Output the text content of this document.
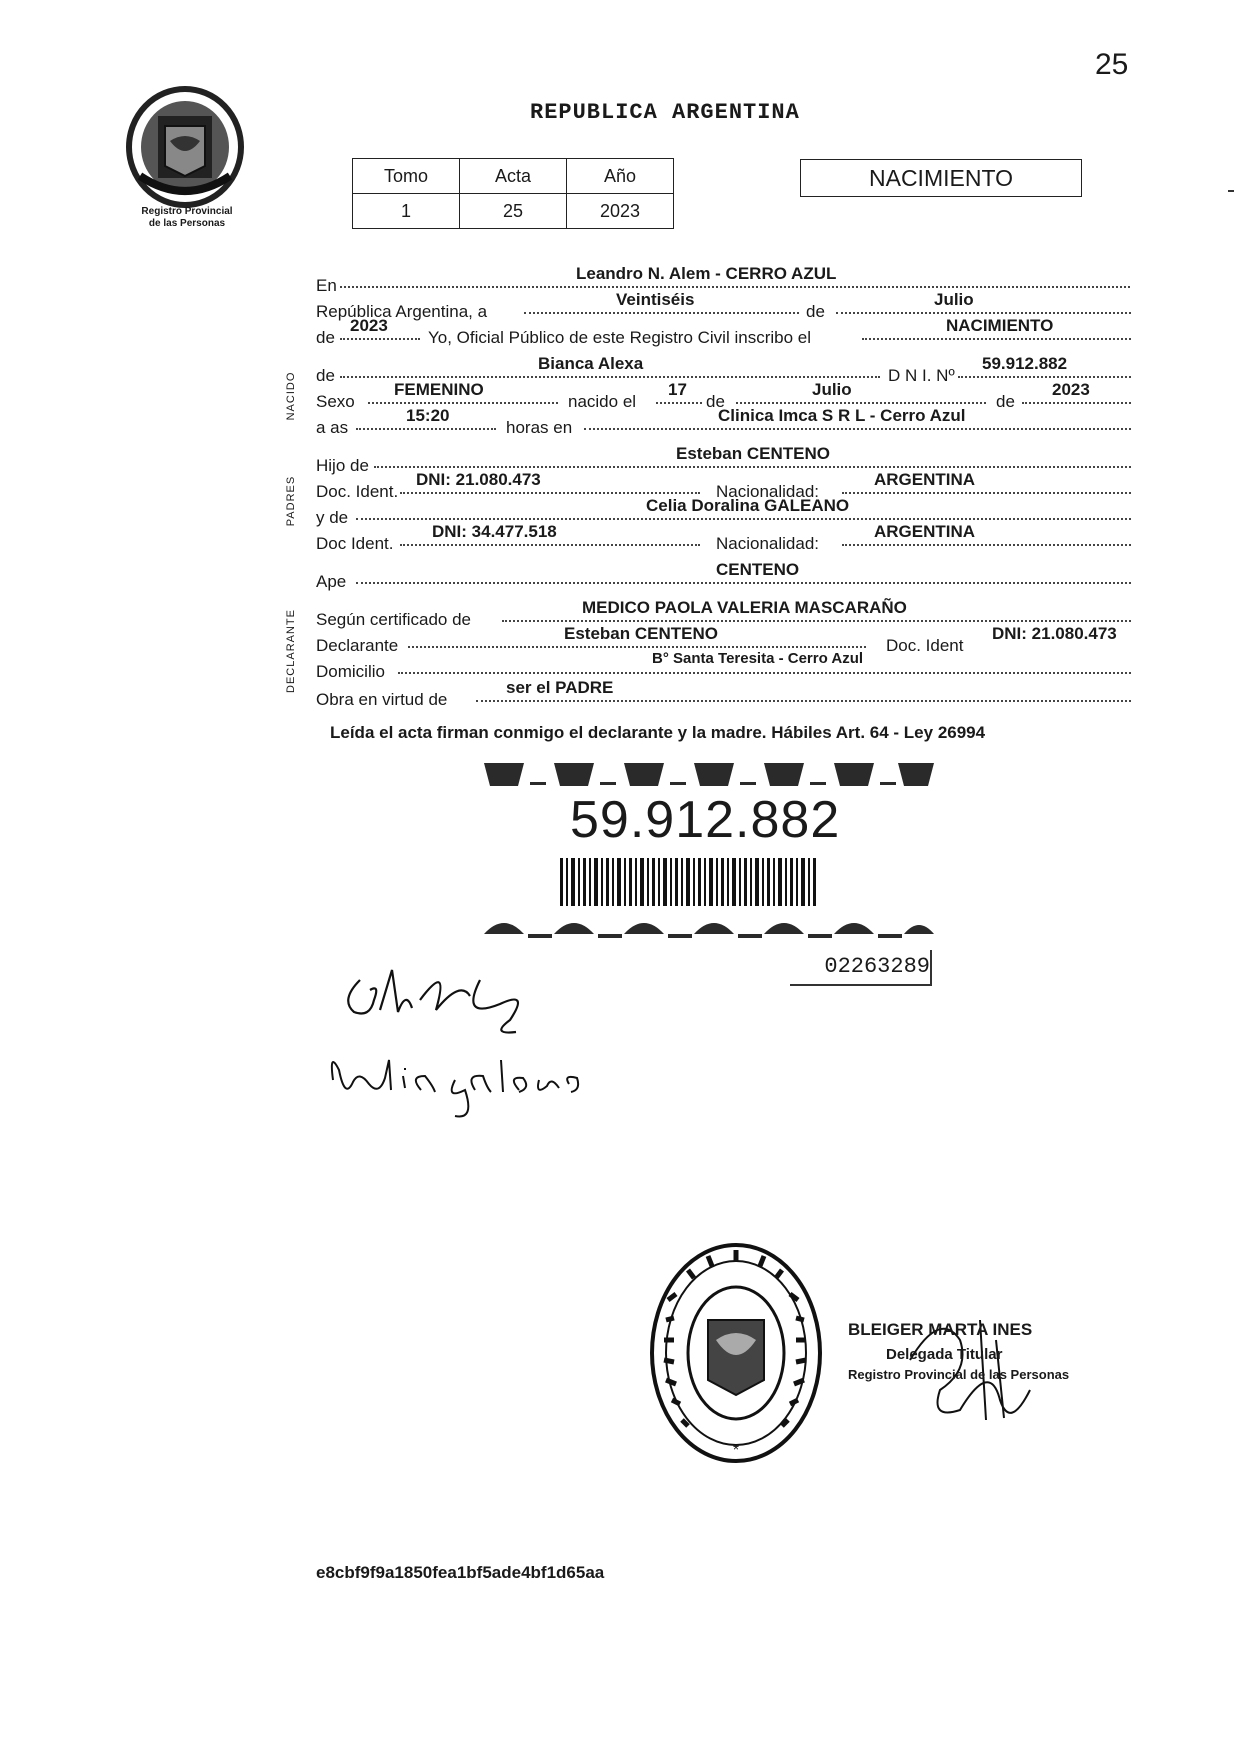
25
Registro Provincial
de las Personas
REPUBLICA ARGENTINA
Tomo	Acta	Año
1	25	2023
NACIMIENTO
NACIDO
PADRES
DECLARANTE
En
Leandro N. Alem - CERRO AZUL
República Argentina, a
Veintiséis
de
Julio
de
2023
Yo, Oficial Público de este Registro Civil inscribo el
NACIMIENTO
de
Bianca Alexa
D N I. Nº
59.912.882
Sexo
FEMENINO
nacido el
17
de
Julio
de
2023
a as
15:20
horas en
Clinica Imca S R L - Cerro Azul
Hijo de
Esteban CENTENO
Doc. Ident.
DNI: 21.080.473
Nacionalidad:
ARGENTINA
y de
Celia Doralina GALEANO
Doc Ident.
DNI: 34.477.518
Nacionalidad:
ARGENTINA
Ape
CENTENO
Según certificado de
MEDICO PAOLA VALERIA MASCARAÑO
Declarante
Esteban CENTENO
Doc. Ident
DNI: 21.080.473
Domicilio
B° Santa Teresita - Cerro Azul
Obra en virtud de
ser el PADRE
Leída el acta firman conmigo el declarante y la madre. Hábiles Art. 64 - Ley 26994
59.912.882
02263289
*
BLEIGER MARTA INES
Delegada Titular
Registro Provincial de las Personas
e8cbf9f9a1850fea1bf5ade4bf1d65aa
